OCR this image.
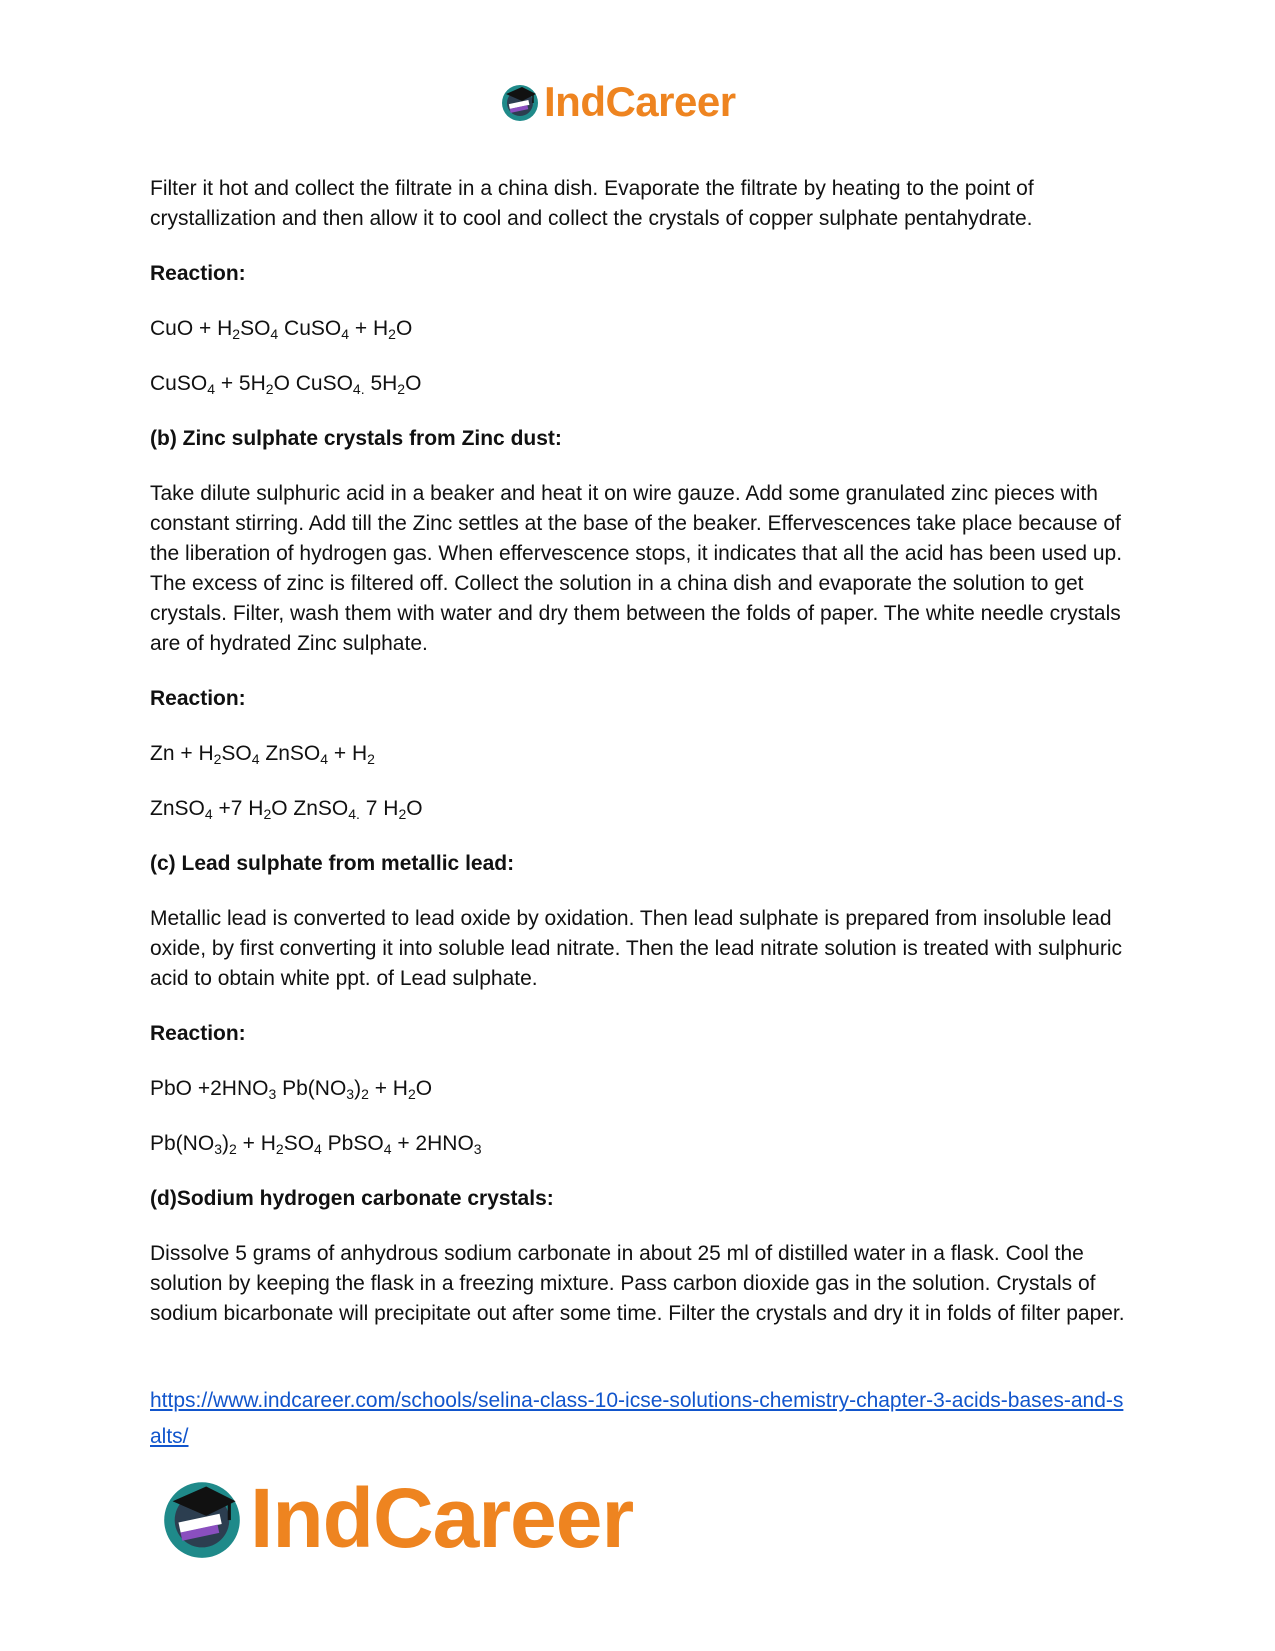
IndCareer

Filter it hot and collect the filtrate in a china dish. Evaporate the filtrate by heating to the point of crystallization and then allow it to cool and collect the crystals of copper sulphate pentahydrate.

Reaction:

CuO + $H_2SO_4$ CuSO$_4$ + $H_2O$

CuSO$_4$ + $5H_2O$ CuSO$_{4.}$ $5H_2O$

(b) Zinc sulphate crystals from Zinc dust:

Take dilute sulphuric acid in a beaker and heat it on wire gauze. Add some granulated zinc pieces with constant stirring. Add till the Zinc settles at the base of the beaker. Effervescences take place because of the liberation of hydrogen gas. When effervescence stops, it indicates that all the acid has been used up. The excess of zinc is filtered off. Collect the solution in a china dish and evaporate the solution to get crystals. Filter, wash them with water and dry them between the folds of paper. The white needle crystals are of hydrated Zinc sulphate.

Reaction:

$Zn + H_2SO_4$ ZnSO$_4$ + $H_2$

ZnSO$_4$ +7 $H_2O$ ZnSO$_{4.}$ 7 $H_2O$

(c) Lead sulphate from metallic lead:

Metallic lead is converted to lead oxide by oxidation. Then lead sulphate is prepared from insoluble lead oxide, by first converting it into soluble lead nitrate. Then the lead nitrate solution is treated with sulphuric acid to obtain white ppt. of Lead sulphate.

Reaction:

PbO $+2HNO_3$ $Pb(NO_3)_2 + H_2O$

$Pb(NO_3)_2 + H_2SO_4$ PbSO$_4$ + $2HNO_3$

(d)Sodium hydrogen carbonate crystals:

Dissolve 5 grams of anhydrous sodium carbonate in about 25 ml of distilled water in a flask. Cool the solution by keeping the flask in a freezing mixture. Pass carbon dioxide gas in the solution. Crystals of sodium bicarbonate will precipitate out after some time. Filter the crystals and dry it in folds of filter paper.

https://www.indcareer.com/schools/selina-class-10-icse-solutions-chemistry-chapter-3-acids-bases-and-salts/
IndCareer
